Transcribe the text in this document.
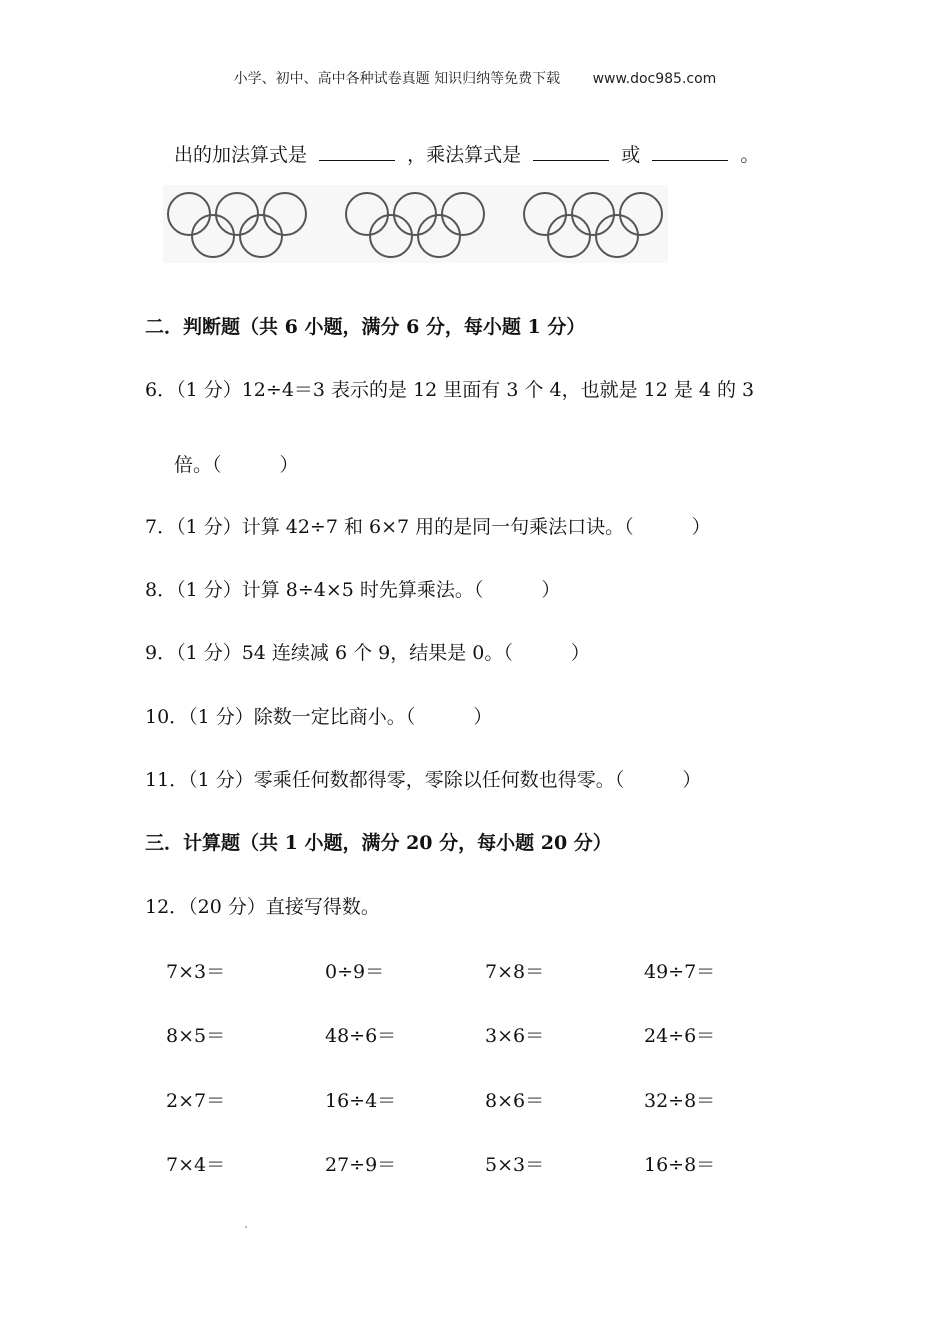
小学、初中、高中各种试卷真题 知识归纳等免费下载 www.doc985.com
出的加法算式是	，乘法算式是	或	。
二．判断题（共 6 小题，满分 6 分，每小题 1 分）
6．（1 分）12÷4＝3 表示的是 12 里面有 3 个 4，也就是 12 是 4 的 3
倍。（	）
7．（1 分）计算 42÷7 和 6×7 用的是同一句乘法口诀。（	）
8．（1 分）计算 8÷4×5 时先算乘法。（	）
9．（1 分）54 连续减 6 个 9，结果是 0。（	）
10．（1 分）除数一定比商小。（	）
11．（1 分）零乘任何数都得零，零除以任何数也得零。（	）
三．计算题（共 1 小题，满分 20 分，每小题 20 分）
12．（20 分）直接写得数。
7×3＝	0÷9＝	7×8＝	49÷7＝
8×5＝	48÷6＝	3×6＝	24÷6＝
2×7＝	16÷4＝	8×6＝	32÷8＝
7×4＝	27÷9＝	5×3＝	16÷8＝
